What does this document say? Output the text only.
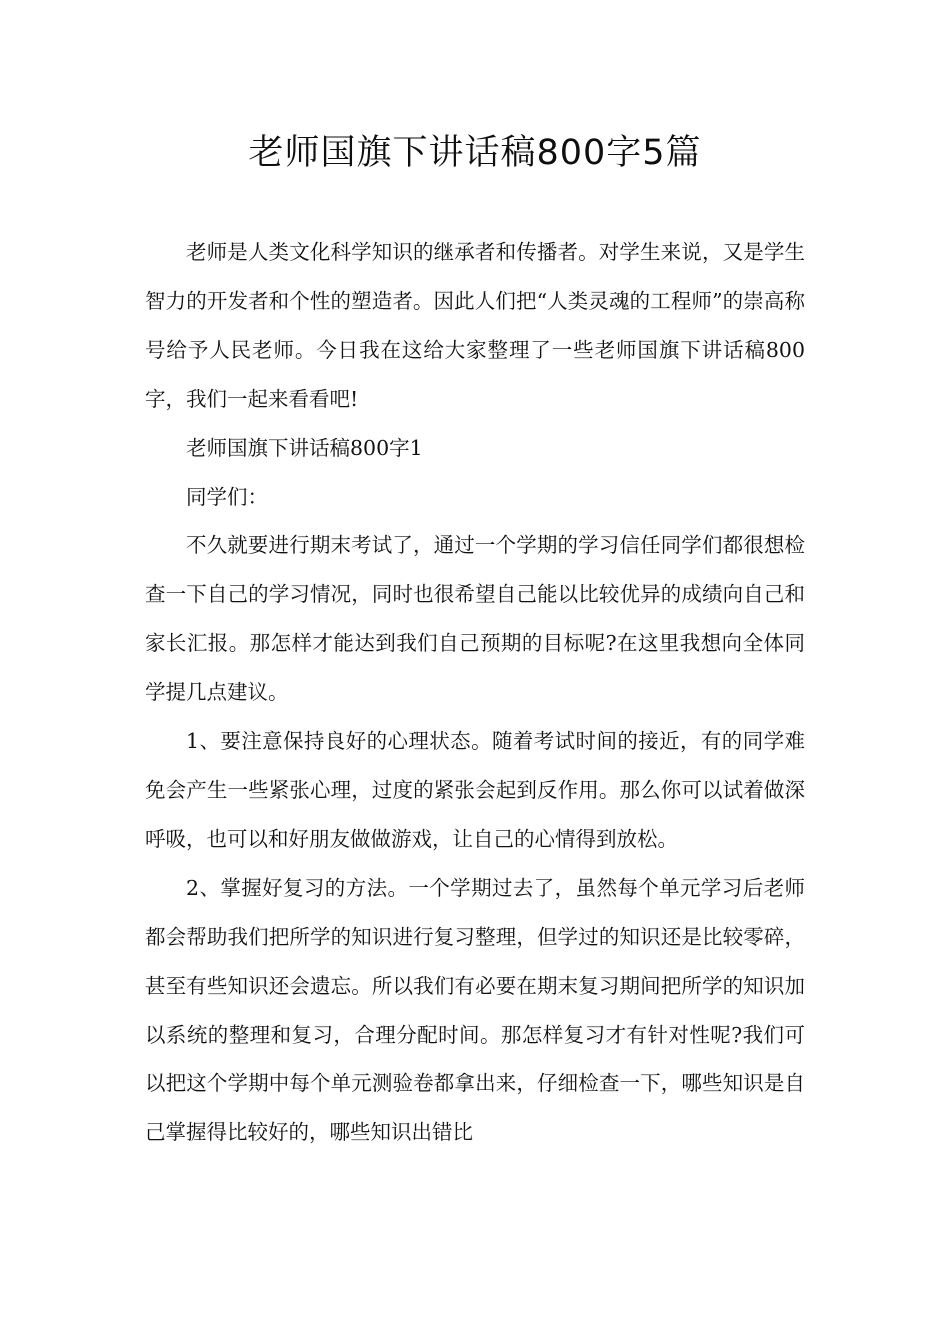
老师国旗下讲话稿800字5篇

老师是人类文化科学知识的继承者和传播者。对学生来说，又是学生智力的开发者和个性的塑造者。因此人们把“人类灵魂的工程师”的崇高称号给予人民老师。今日我在这给大家整理了一些老师国旗下讲话稿800字，我们一起来看看吧!

老师国旗下讲话稿800字1

同学们：

不久就要进行期末考试了，通过一个学期的学习信任同学们都很想检查一下自己的学习情况，同时也很希望自己能以比较优异的成绩向自己和家长汇报。那怎样才能达到我们自己预期的目标呢?在这里我想向全体同学提几点建议。

1、要注意保持良好的心理状态。随着考试时间的接近，有的同学难免会产生一些紧张心理，过度的紧张会起到反作用。那么你可以试着做深呼吸，也可以和好朋友做做游戏，让自己的心情得到放松。

2、掌握好复习的方法。一个学期过去了，虽然每个单元学习后老师都会帮助我们把所学的知识进行复习整理，但学过的知识还是比较零碎，甚至有些知识还会遗忘。所以我们有必要在期末复习期间把所学的知识加以系统的整理和复习，合理分配时间。那怎样复习才有针对性呢?我们可以把这个学期中每个单元测验卷都拿出来，仔细检查一下，哪些知识是自己掌握得比较好的，哪些知识出错比
